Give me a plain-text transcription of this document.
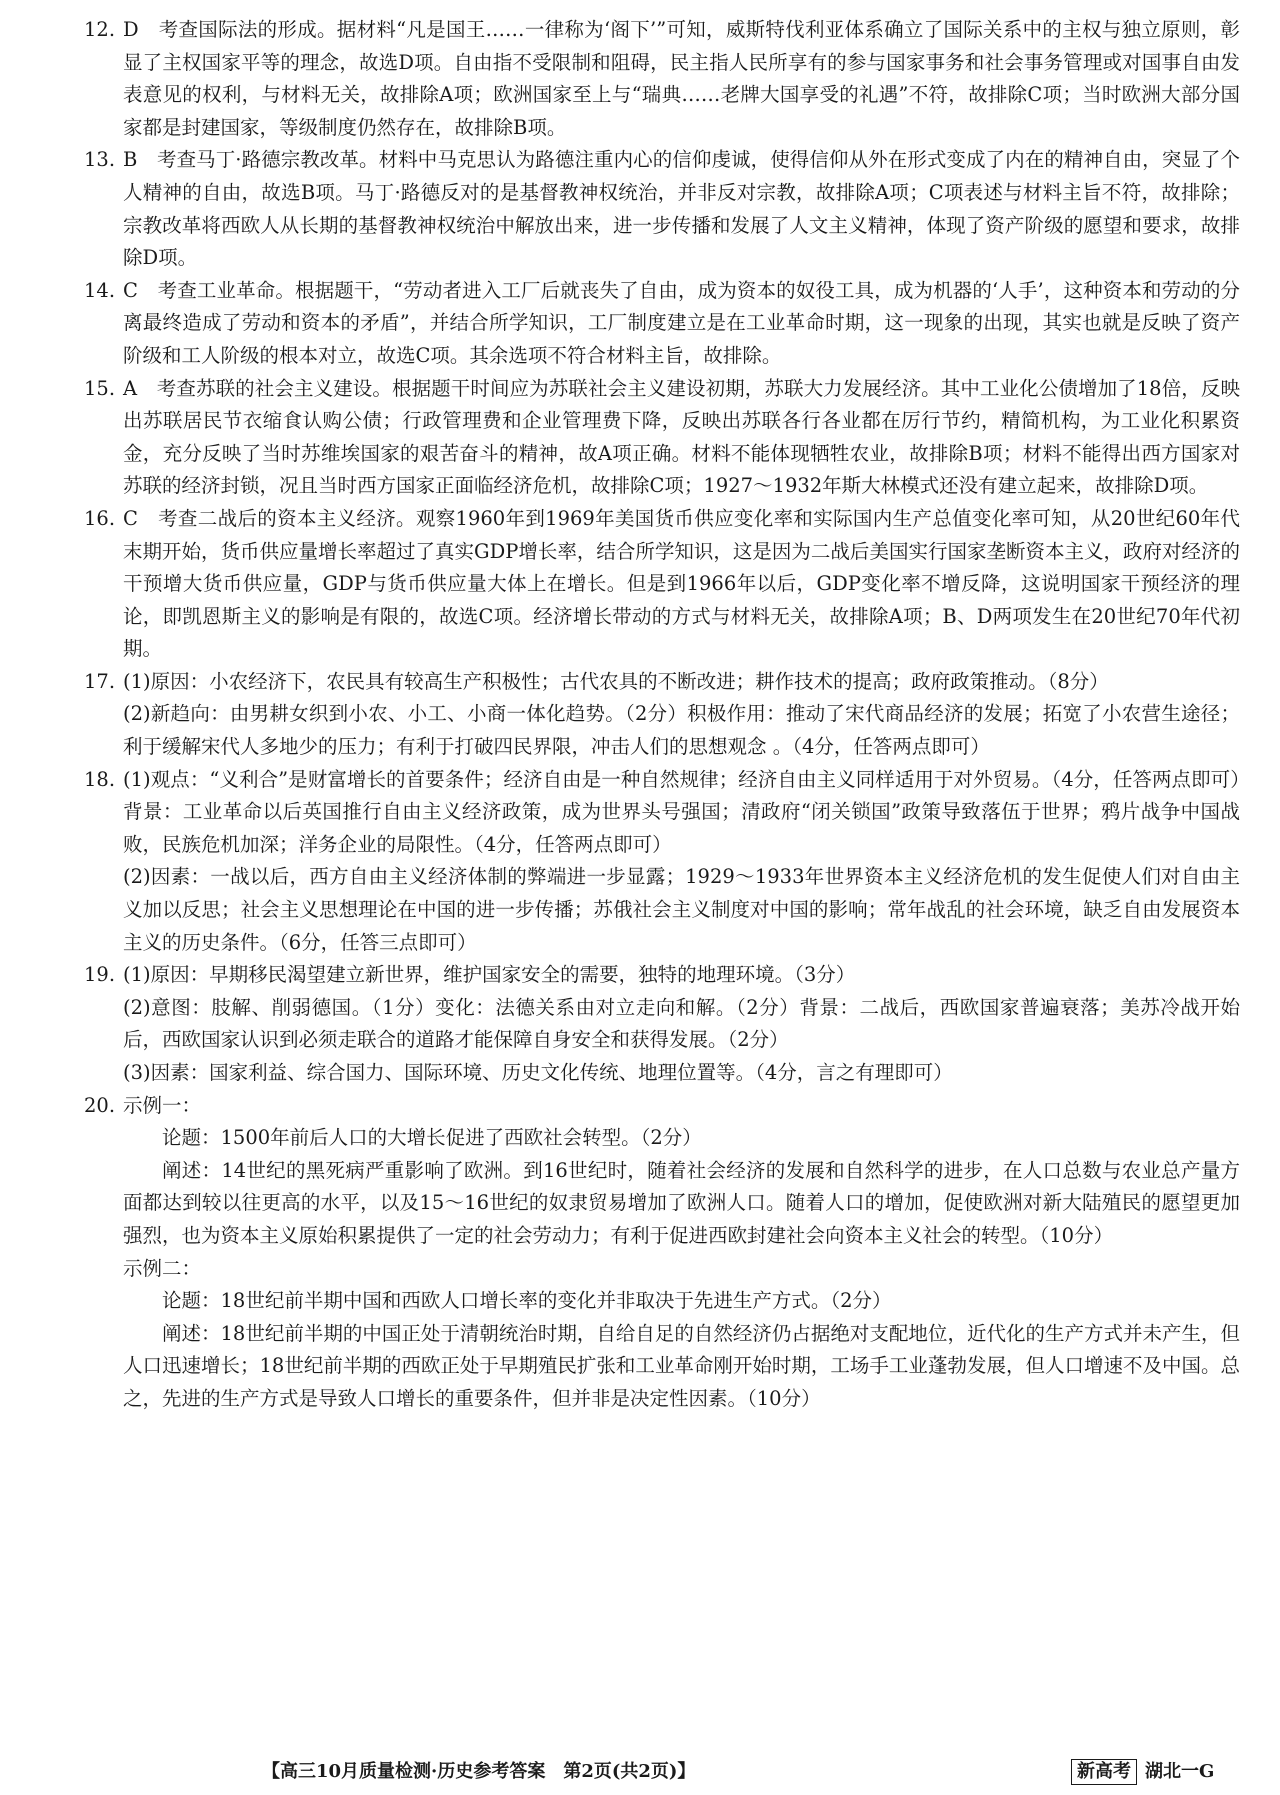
12. D　考查国际法的形成。据材料“凡是国王……一律称为‘阁下’”可知，威斯特伐利亚体系确立了国际关系中的主权与独立原则，彰显了主权国家平等的理念，故选D项。自由指不受限制和阻碍，民主指人民所享有的参与国家事务和社会事务管理或对国事自由发表意见的权利，与材料无关，故排除A项；欧洲国家至上与“瑞典……老牌大国享受的礼遇”不符，故排除C项；当时欧洲大部分国家都是封建国家，等级制度仍然存在，故排除B项。

13. B　考查马丁·路德宗教改革。材料中马克思认为路德注重内心的信仰虔诚，使得信仰从外在形式变成了内在的精神自由，突显了个人精神的自由，故选B项。马丁·路德反对的是基督教神权统治，并非反对宗教，故排除A项；C项表述与材料主旨不符，故排除；宗教改革将西欧人从长期的基督教神权统治中解放出来，进一步传播和发展了人文主义精神，体现了资产阶级的愿望和要求，故排除D项。

14. C　考查工业革命。根据题干，“劳动者进入工厂后就丧失了自由，成为资本的奴役工具，成为机器的‘人手’，这种资本和劳动的分离最终造成了劳动和资本的矛盾”，并结合所学知识，工厂制度建立是在工业革命时期，这一现象的出现，其实也就是反映了资产阶级和工人阶级的根本对立，故选C项。其余选项不符合材料主旨，故排除。

15. A　考查苏联的社会主义建设。根据题干时间应为苏联社会主义建设初期，苏联大力发展经济。其中工业化公债增加了18倍，反映出苏联居民节衣缩食认购公债；行政管理费和企业管理费下降，反映出苏联各行各业都在厉行节约，精简机构，为工业化积累资金，充分反映了当时苏维埃国家的艰苦奋斗的精神，故A项正确。材料不能体现牺牲农业，故排除B项；材料不能得出西方国家对苏联的经济封锁，况且当时西方国家正面临经济危机，故排除C项；1927～1932年斯大林模式还没有建立起来，故排除D项。

16. C　考查二战后的资本主义经济。观察1960年到1969年美国货币供应变化率和实际国内生产总值变化率可知，从20世纪60年代末期开始，货币供应量增长率超过了真实GDP增长率，结合所学知识，这是因为二战后美国实行国家垄断资本主义，政府对经济的干预增大货币供应量，GDP与货币供应量大体上在增长。但是到1966年以后，GDP变化率不增反降，这说明国家干预经济的理论，即凯恩斯主义的影响是有限的，故选C项。经济增长带动的方式与材料无关，故排除A项；B、D两项发生在20世纪70年代初期。

17. (1)原因：小农经济下，农民具有较高生产积极性；古代农具的不断改进；耕作技术的提高；政府政策推动。（8分）

(2)新趋向：由男耕女织到小农、小工、小商一体化趋势。（2分）积极作用：推动了宋代商品经济的发展；拓宽了小农营生途径；利于缓解宋代人多地少的压力；有利于打破四民界限，冲击人们的思想观念 。（4分，任答两点即可）

18. (1)观点：“义利合”是财富增长的首要条件；经济自由是一种自然规律；经济自由主义同样适用于对外贸易。（4分，任答两点即可）背景：工业革命以后英国推行自由主义经济政策，成为世界头号强国；清政府“闭关锁国”政策导致落伍于世界；鸦片战争中国战败，民族危机加深；洋务企业的局限性。（4分，任答两点即可）

(2)因素：一战以后，西方自由主义经济体制的弊端进一步显露；1929～1933年世界资本主义经济危机的发生促使人们对自由主义加以反思；社会主义思想理论在中国的进一步传播；苏俄社会主义制度对中国的影响；常年战乱的社会环境，缺乏自由发展资本主义的历史条件。（6分，任答三点即可）

19. (1)原因：早期移民渴望建立新世界，维护国家安全的需要，独特的地理环境。（3分）

(2)意图：肢解、削弱德国。（1分）变化：法德关系由对立走向和解。（2分）背景：二战后，西欧国家普遍衰落；美苏冷战开始后，西欧国家认识到必须走联合的道路才能保障自身安全和获得发展。（2分）

(3)因素：国家利益、综合国力、国际环境、历史文化传统、地理位置等。（4分，言之有理即可）

20. 示例一：

论题：1500年前后人口的大增长促进了西欧社会转型。（2分）

阐述：14世纪的黑死病严重影响了欧洲。到16世纪时，随着社会经济的发展和自然科学的进步，在人口总数与农业总产量方面都达到较以往更高的水平，以及15～16世纪的奴隶贸易增加了欧洲人口。随着人口的增加，促使欧洲对新大陆殖民的愿望更加强烈，也为资本主义原始积累提供了一定的社会劳动力；有利于促进西欧封建社会向资本主义社会的转型。（10分）

示例二：

论题：18世纪前半期中国和西欧人口增长率的变化并非取决于先进生产方式。（2分）

阐述：18世纪前半期的中国正处于清朝统治时期，自给自足的自然经济仍占据绝对支配地位，近代化的生产方式并未产生，但人口迅速增长；18世纪前半期的西欧正处于早期殖民扩张和工业革命刚开始时期，工场手工业蓬勃发展，但人口增速不及中国。总之，先进的生产方式是导致人口增长的重要条件，但并非是决定性因素。（10分）

【高三10月质量检测·历史参考答案　第2页(共2页)】	新高考 湖北一G
